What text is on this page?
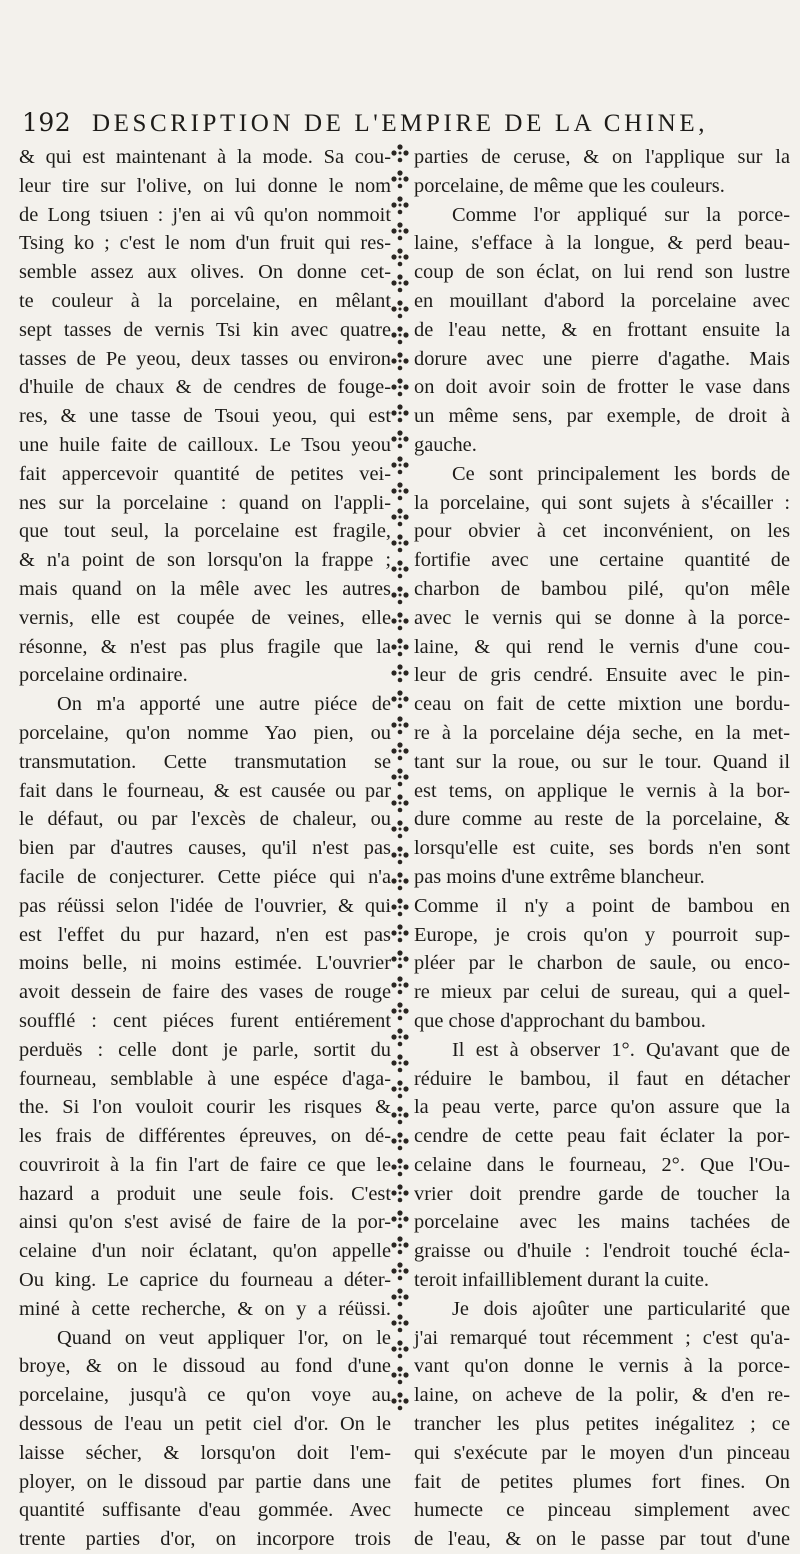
192 DESCRIPTION DE L'EMPIRE DE LA CHINE,
& qui est maintenant à la mode. Sa cou-
leur tire sur l'olive, on lui donne le nom
de Long tsiuen : j'en ai vû qu'on nommoit
Tsing ko ; c'est le nom d'un fruit qui res-
semble assez aux olives. On donne cet-
te couleur à la porcelaine, en mêlant
sept tasses de vernis Tsi kin avec quatre
tasses de Pe yeou, deux tasses ou environ
d'huile de chaux & de cendres de fouge-
res, & une tasse de Tsoui yeou, qui est
une huile faite de cailloux. Le Tsou yeou
fait appercevoir quantité de petites vei-
nes sur la porcelaine : quand on l'appli-
que tout seul, la porcelaine est fragile,
& n'a point de son lorsqu'on la frappe ;
mais quand on la mêle avec les autres
vernis, elle est coupée de veines, elle
résonne, & n'est pas plus fragile que la
porcelaine ordinaire.
On m'a apporté une autre piéce de
porcelaine, qu'on nomme Yao pien, ou
transmutation. Cette transmutation se
fait dans le fourneau, & est causée ou par
le défaut, ou par l'excès de chaleur, ou
bien par d'autres causes, qu'il n'est pas
facile de conjecturer. Cette piéce qui n'a
pas réüssi selon l'idée de l'ouvrier, & qui
est l'effet du pur hazard, n'en est pas
moins belle, ni moins estimée. L'ouvrier
avoit dessein de faire des vases de rouge
soufflé : cent piéces furent entiérement
perduës : celle dont je parle, sortit du
fourneau, semblable à une espéce d'aga-
the. Si l'on vouloit courir les risques &
les frais de différentes épreuves, on dé-
couvriroit à la fin l'art de faire ce que le
hazard a produit une seule fois. C'est
ainsi qu'on s'est avisé de faire de la por-
celaine d'un noir éclatant, qu'on appelle
Ou king. Le caprice du fourneau a déter-
miné à cette recherche, & on y a réüssi.
Quand on veut appliquer l'or, on le
broye, & on le dissoud au fond d'une
porcelaine, jusqu'à ce qu'on voye au
dessous de l'eau un petit ciel d'or. On le
laisse sécher, & lorsqu'on doit l'em-
ployer, on le dissoud par partie dans une
quantité suffisante d'eau gommée. Avec
trente parties d'or, on incorpore trois
parties de ceruse, & on l'applique sur la
porcelaine, de même que les couleurs.
Comme l'or appliqué sur la porce-
laine, s'efface à la longue, & perd beau-
coup de son éclat, on lui rend son lustre
en mouillant d'abord la porcelaine avec
de l'eau nette, & en frottant ensuite la
dorure avec une pierre d'agathe. Mais
on doit avoir soin de frotter le vase dans
un même sens, par exemple, de droit à
gauche.
Ce sont principalement les bords de
la porcelaine, qui sont sujets à s'écailler :
pour obvier à cet inconvénient, on les
fortifie avec une certaine quantité de
charbon de bambou pilé, qu'on mêle
avec le vernis qui se donne à la porce-
laine, & qui rend le vernis d'une cou-
leur de gris cendré. Ensuite avec le pin-
ceau on fait de cette mixtion une bordu-
re à la porcelaine déja seche, en la met-
tant sur la roue, ou sur le tour. Quand il
est tems, on applique le vernis à la bor-
dure comme au reste de la porcelaine, &
lorsqu'elle est cuite, ses bords n'en sont
pas moins d'une extrême blancheur.
Comme il n'y a point de bambou en
Europe, je crois qu'on y pourroit sup-
pléer par le charbon de saule, ou enco-
re mieux par celui de sureau, qui a quel-
que chose d'approchant du bambou.
Il est à observer 1°. Qu'avant que de
réduire le bambou, il faut en détacher
la peau verte, parce qu'on assure que la
cendre de cette peau fait éclater la por-
celaine dans le fourneau, 2°. Que l'Ou-
vrier doit prendre garde de toucher la
porcelaine avec les mains tachées de
graisse ou d'huile : l'endroit touché écla-
teroit infailliblement durant la cuite.
Je dois ajoûter une particularité que
j'ai remarqué tout récemment ; c'est qu'a-
vant qu'on donne le vernis à la porce-
laine, on acheve de la polir, & d'en re-
trancher les plus petites inégalitez ; ce
qui s'exécute par le moyen d'un pinceau
fait de petites plumes fort fines. On
humecte ce pinceau simplement avec
de l'eau, & on le passe par tout d'une
